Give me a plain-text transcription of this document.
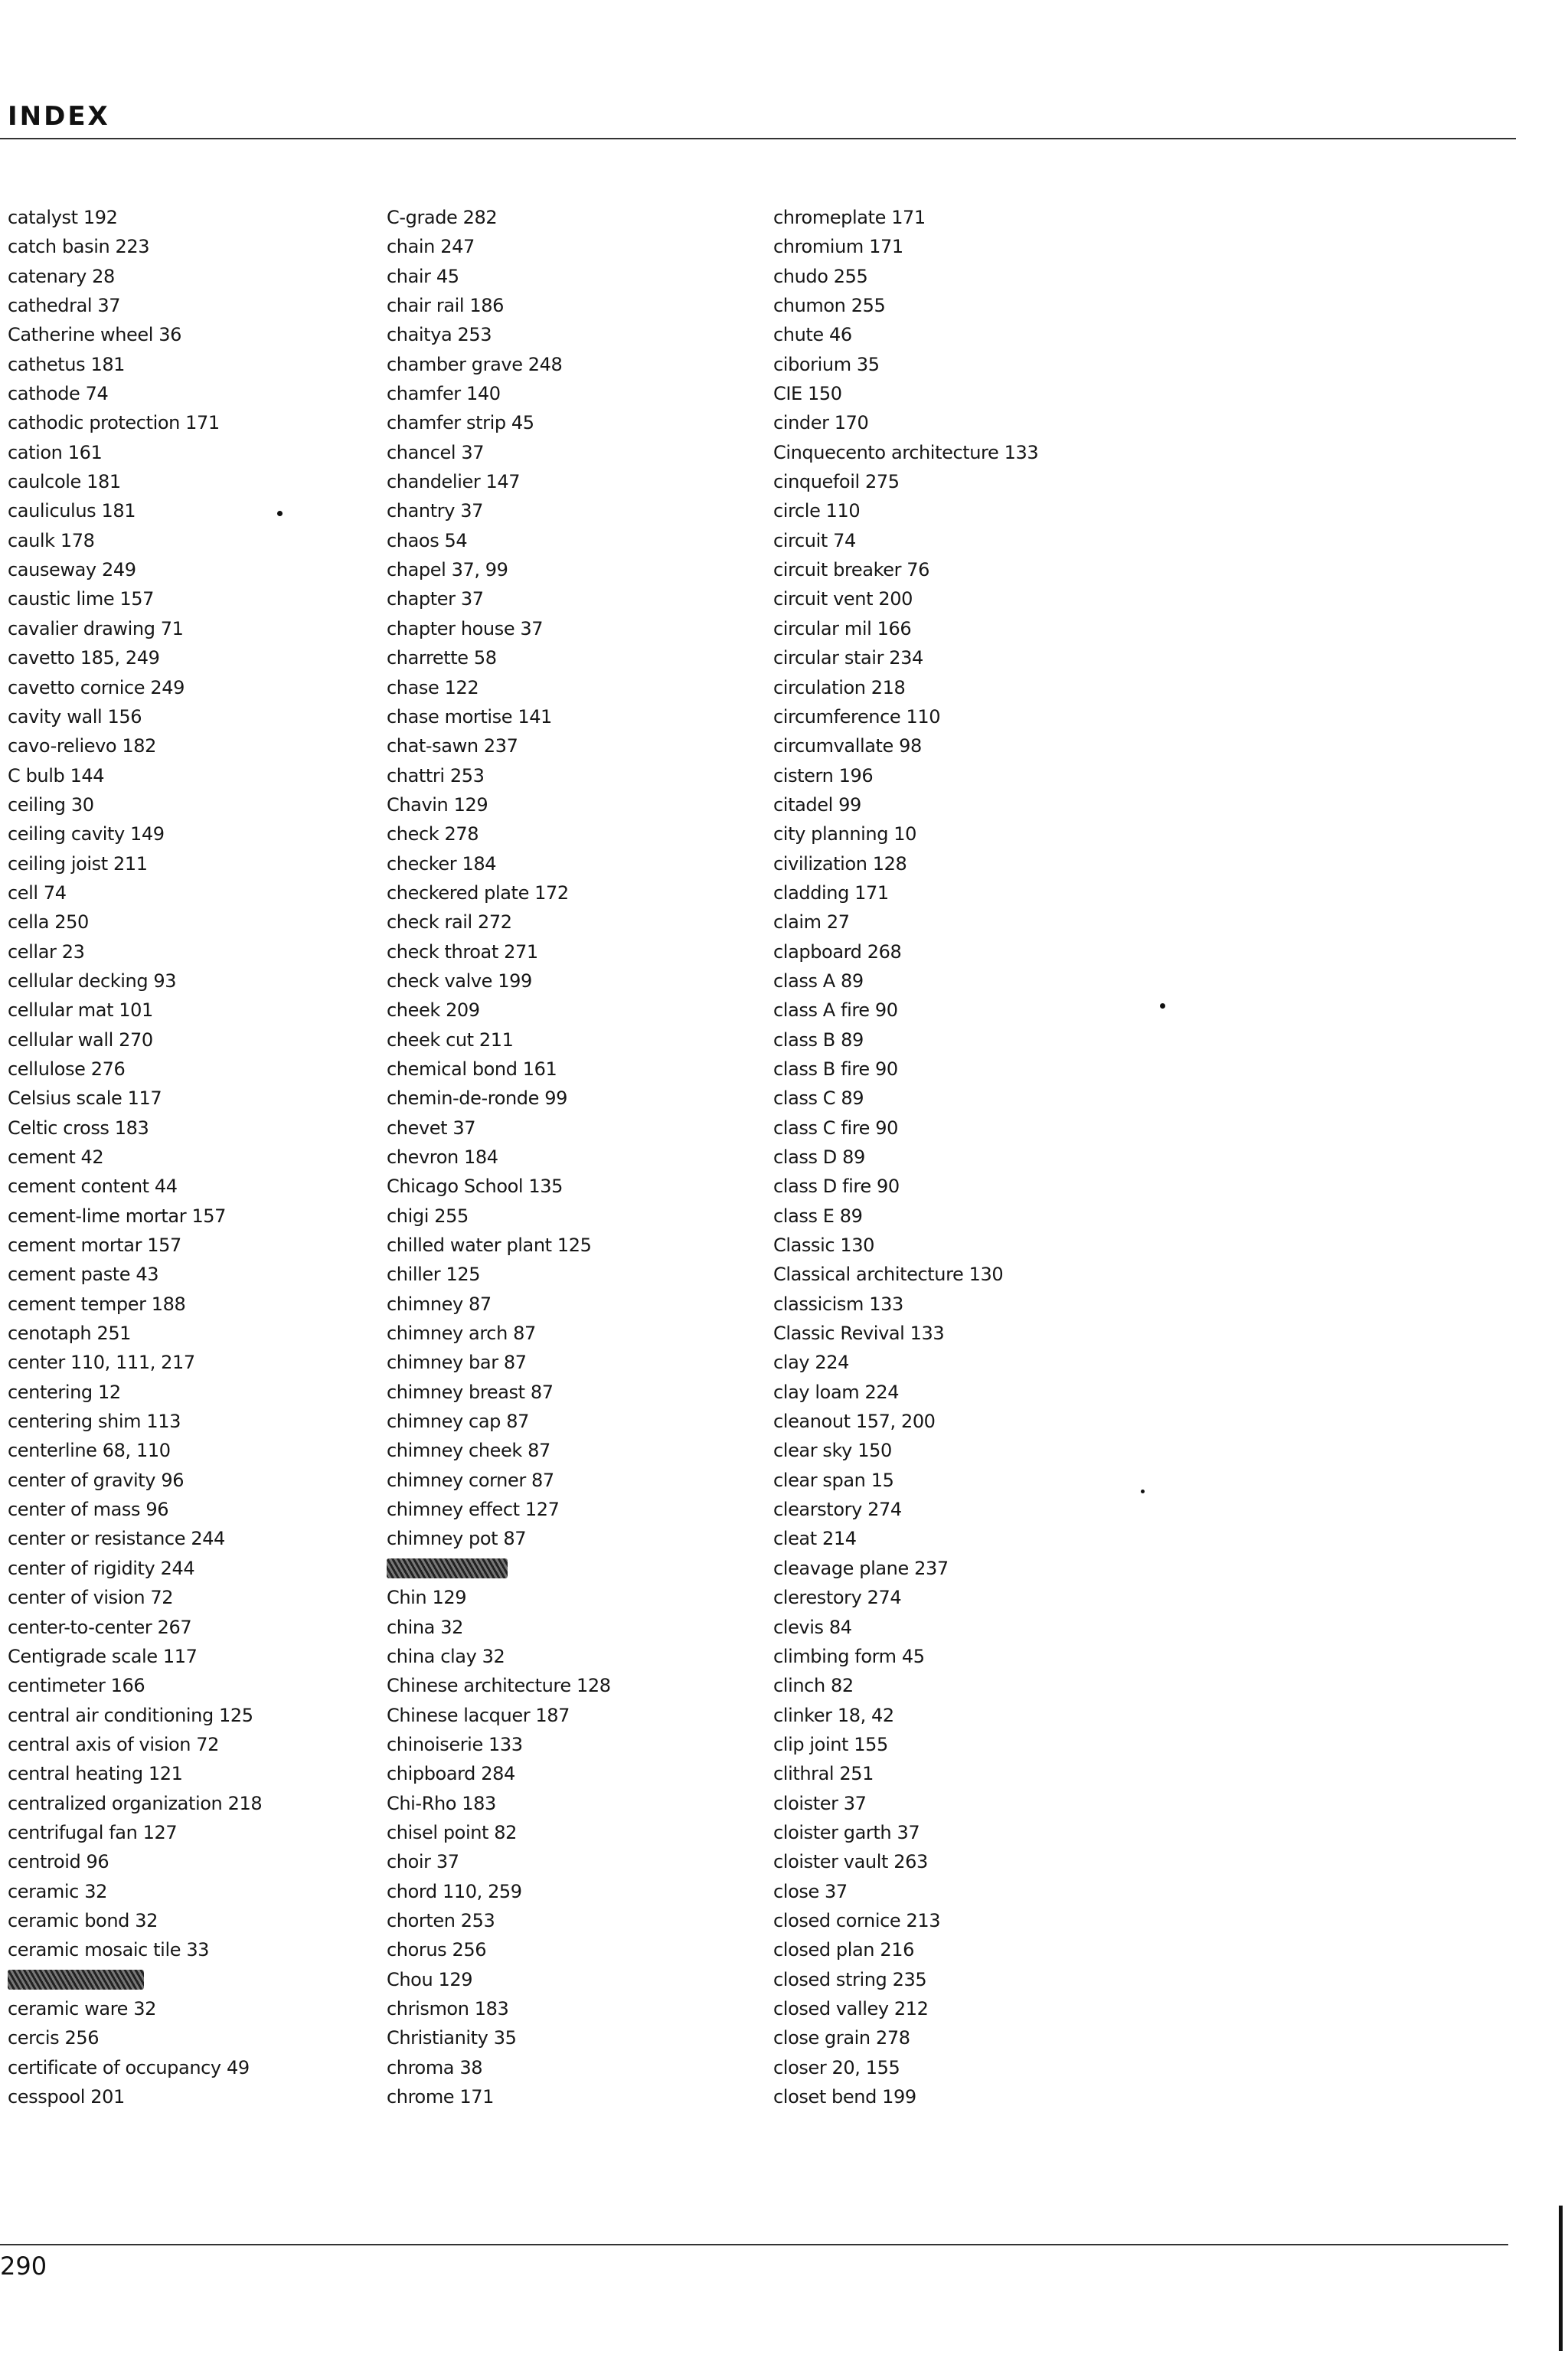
INDEX
catalyst 192
catch basin 223
catenary 28
cathedral 37
Catherine wheel 36
cathetus 181
cathode 74
cathodic protection 171
cation 161
caulcole 181
cauliculus 181
caulk 178
causeway 249
caustic lime 157
cavalier drawing 71
cavetto 185, 249
cavetto cornice 249
cavity wall 156
cavo-relievo 182
C bulb 144
ceiling 30
ceiling cavity 149
ceiling joist 211
cell 74
cella 250
cellar 23
cellular decking 93
cellular mat 101
cellular wall 270
cellulose 276
Celsius scale 117
Celtic cross 183
cement 42
cement content 44
cement-lime mortar 157
cement mortar 157
cement paste 43
cement temper 188
cenotaph 251
center 110, 111, 217
centering 12
centering shim 113
centerline 68, 110
center of gravity 96
center of mass 96
center or resistance 244
center of rigidity 244
center of vision 72
center-to-center 267
Centigrade scale 117
centimeter 166
central air conditioning 125
central axis of vision 72
central heating 121
centralized organization 218
centrifugal fan 127
centroid 96
ceramic 32
ceramic bond 32
ceramic mosaic tile 33
ceramic ware 32
cercis 256
certificate of occupancy 49
cesspool 201
C-grade 282
chain 247
chair 45
chair rail 186
chaitya 253
chamber grave 248
chamfer 140
chamfer strip 45
chancel 37
chandelier 147
chantry 37
chaos 54
chapel 37, 99
chapter 37
chapter house 37
charrette 58
chase 122
chase mortise 141
chat-sawn 237
chattri 253
Chavin 129
check 278
checker 184
checkered plate 172
check rail 272
check throat 271
check valve 199
cheek 209
cheek cut 211
chemical bond 161
chemin-de-ronde 99
chevet 37
chevron 184
Chicago School 135
chigi 255
chilled water plant 125
chiller 125
chimney 87
chimney arch 87
chimney bar 87
chimney breast 87
chimney cap 87
chimney cheek 87
chimney corner 87
chimney effect 127
chimney pot 87
Chin 129
china 32
china clay 32
Chinese architecture 128
Chinese lacquer 187
chinoiserie 133
chipboard 284
Chi-Rho 183
chisel point 82
choir 37
chord 110, 259
chorten 253
chorus 256
Chou 129
chrismon 183
Christianity 35
chroma 38
chrome 171
chromeplate 171
chromium 171
chudo 255
chumon 255
chute 46
ciborium 35
CIE 150
cinder 170
Cinquecento architecture 133
cinquefoil 275
circle 110
circuit 74
circuit breaker 76
circuit vent 200
circular mil 166
circular stair 234
circulation 218
circumference 110
circumvallate 98
cistern 196
citadel 99
city planning 10
civilization 128
cladding 171
claim 27
clapboard 268
class A 89
class A fire 90
class B 89
class B fire 90
class C 89
class C fire 90
class D 89
class D fire 90
class E 89
Classic 130
Classical architecture 130
classicism 133
Classic Revival 133
clay 224
clay loam 224
cleanout 157, 200
clear sky 150
clear span 15
clearstory 274
cleat 214
cleavage plane 237
clerestory 274
clevis 84
climbing form 45
clinch 82
clinker 18, 42
clip joint 155
clithral 251
cloister 37
cloister garth 37
cloister vault 263
close 37
closed cornice 213
closed plan 216
closed string 235
closed valley 212
close grain 278
closer 20, 155
closet bend 199
290
